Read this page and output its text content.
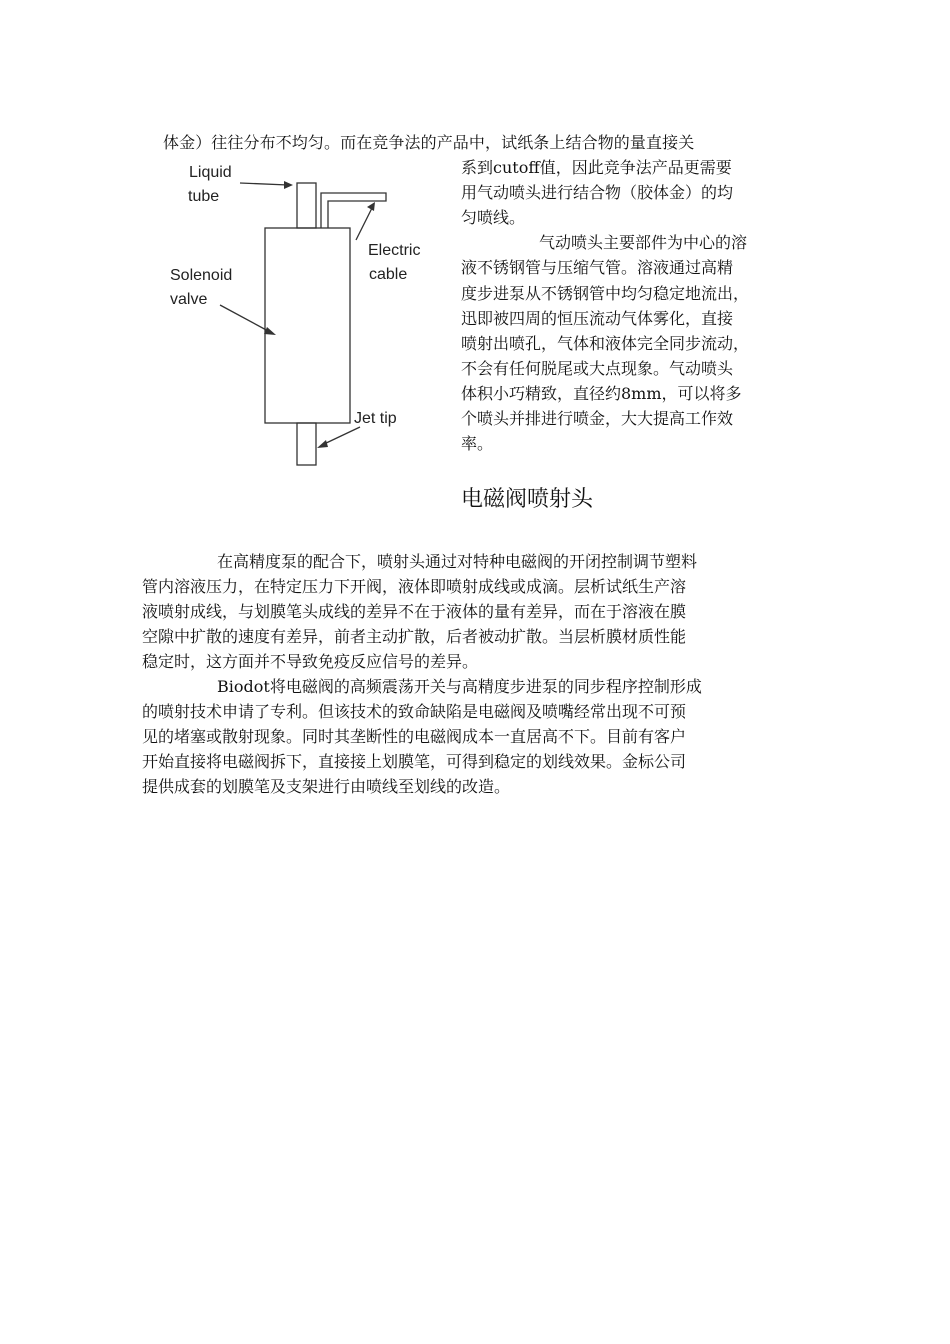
体金）往往分布不均匀。而在竞争法的产品中，试纸条上结合物的量直接关
Liquid
tube
Electric
cable
Solenoid
valve
Jet tip
系到cutoff值，因此竞争法产品更需要
用气动喷头进行结合物（胶体金）的均
匀喷线。
气动喷头主要部件为中心的溶
液不锈钢管与压缩气管。溶液通过高精
度步进泵从不锈钢管中均匀稳定地流出，
迅即被四周的恒压流动气体雾化，直接
喷射出喷孔，气体和液体完全同步流动，
不会有任何脱尾或大点现象。气动喷头
体积小巧精致，直径约8mm，可以将多
个喷头并排进行喷金，大大提高工作效
率。
电磁阀喷射头
在高精度泵的配合下，喷射头通过对特种电磁阀的开闭控制调节塑料
管内溶液压力，在特定压力下开阀，液体即喷射成线或成滴。层析试纸生产溶
液喷射成线，与划膜笔头成线的差异不在于液体的量有差异，而在于溶液在膜
空隙中扩散的速度有差异，前者主动扩散，后者被动扩散。当层析膜材质性能
稳定时，这方面并不导致免疫反应信号的差异。
Biodot将电磁阀的高频震荡开关与高精度步进泵的同步程序控制形成
的喷射技术申请了专利。但该技术的致命缺陷是电磁阀及喷嘴经常出现不可预
见的堵塞或散射现象。同时其垄断性的电磁阀成本一直居高不下。目前有客户
开始直接将电磁阀拆下，直接接上划膜笔，可得到稳定的划线效果。金标公司
提供成套的划膜笔及支架进行由喷线至划线的改造。
